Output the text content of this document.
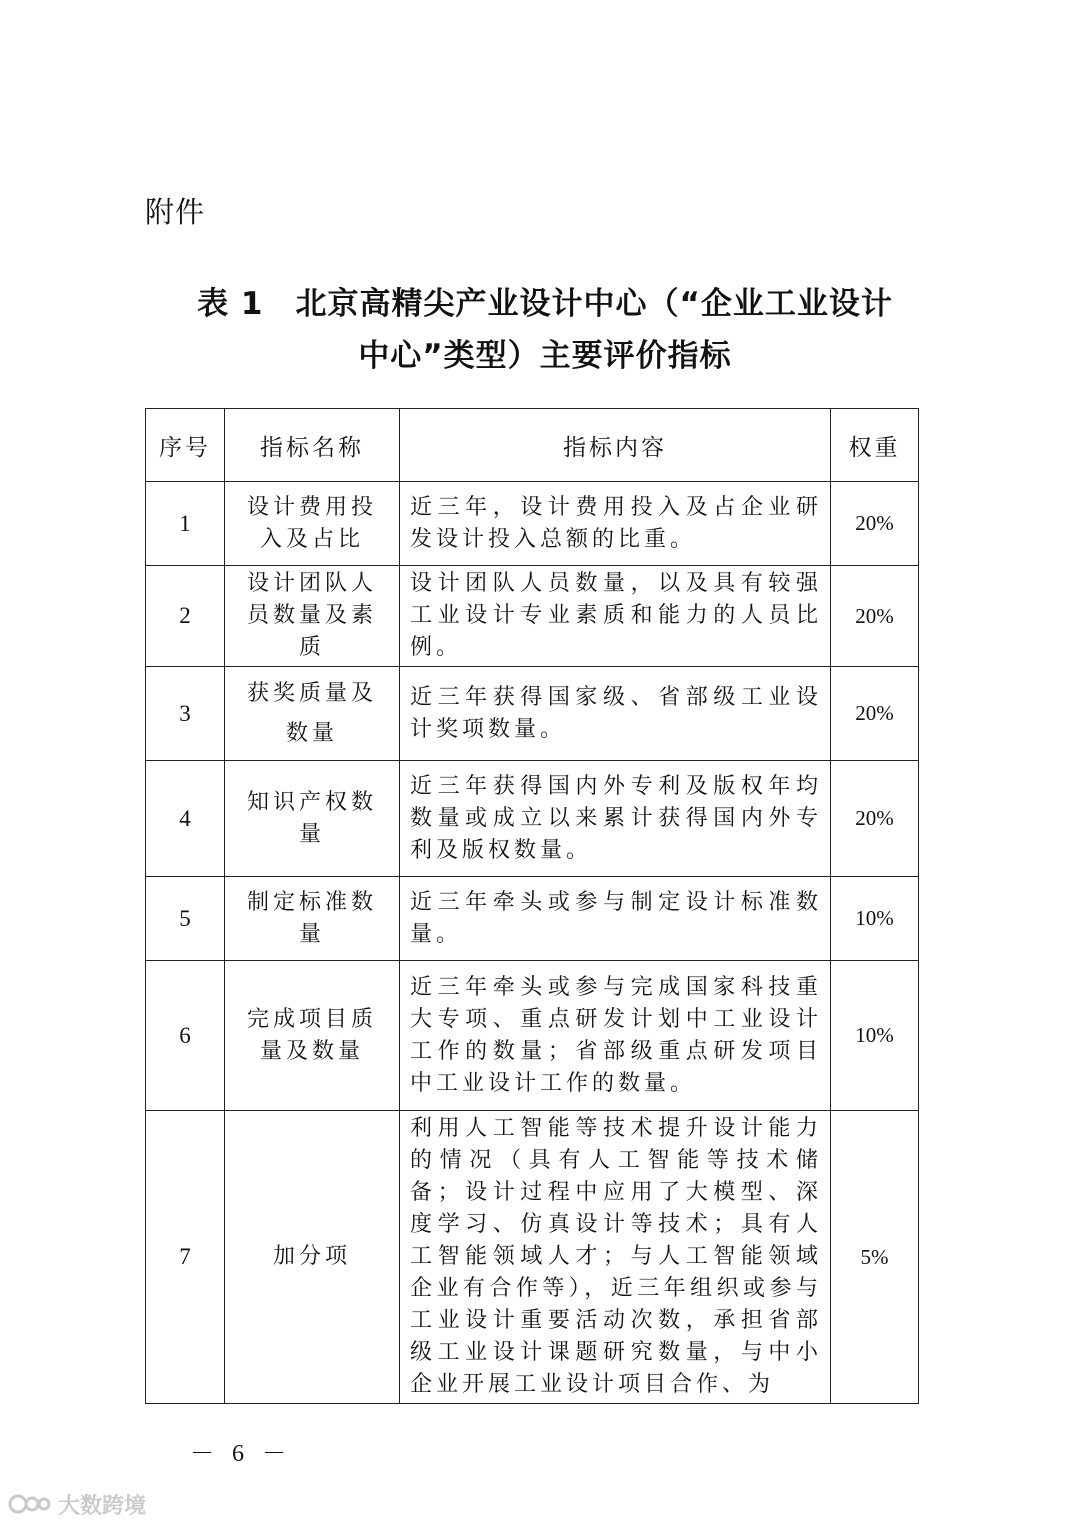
附件
表 1　北京高精尖产业设计中心（“企业工业设计
中心”类型）主要评价指标
序号	指标名称	指标内容	权重
1	设计费用投入及占比	近三年，设计费用投入及占企业研发设计投入总额的比重。	20%
2	设计团队人员数量及素质	设计团队人员数量，以及具有较强工业设计专业素质和能力的人员比例。	20%
3	获奖质量及数量	近三年获得国家级、省部级工业设计奖项数量。	20%
4	知识产权数量	近三年获得国内外专利及版权年均数量或成立以来累计获得国内外专利及版权数量。	20%
5	制定标准数量	近三年牵头或参与制定设计标准数量。	10%
6	完成项目质量及数量	近三年牵头或参与完成国家科技重大专项、重点研发计划中工业设计工作的数量；省部级重点研发项目中工业设计工作的数量。	10%
7	加分项	利用人工智能等技术提升设计能力的情况（具有人工智能等技术储备；设计过程中应用了大模型、深度学习、仿真设计等技术；具有人工智能领域人才；与人工智能领域企业有合作等），近三年组织或参与工业设计重要活动次数，承担省部级工业设计课题研究数量，与中小企业开展工业设计项目合作、为	5%
－ 6 －
大数跨境
